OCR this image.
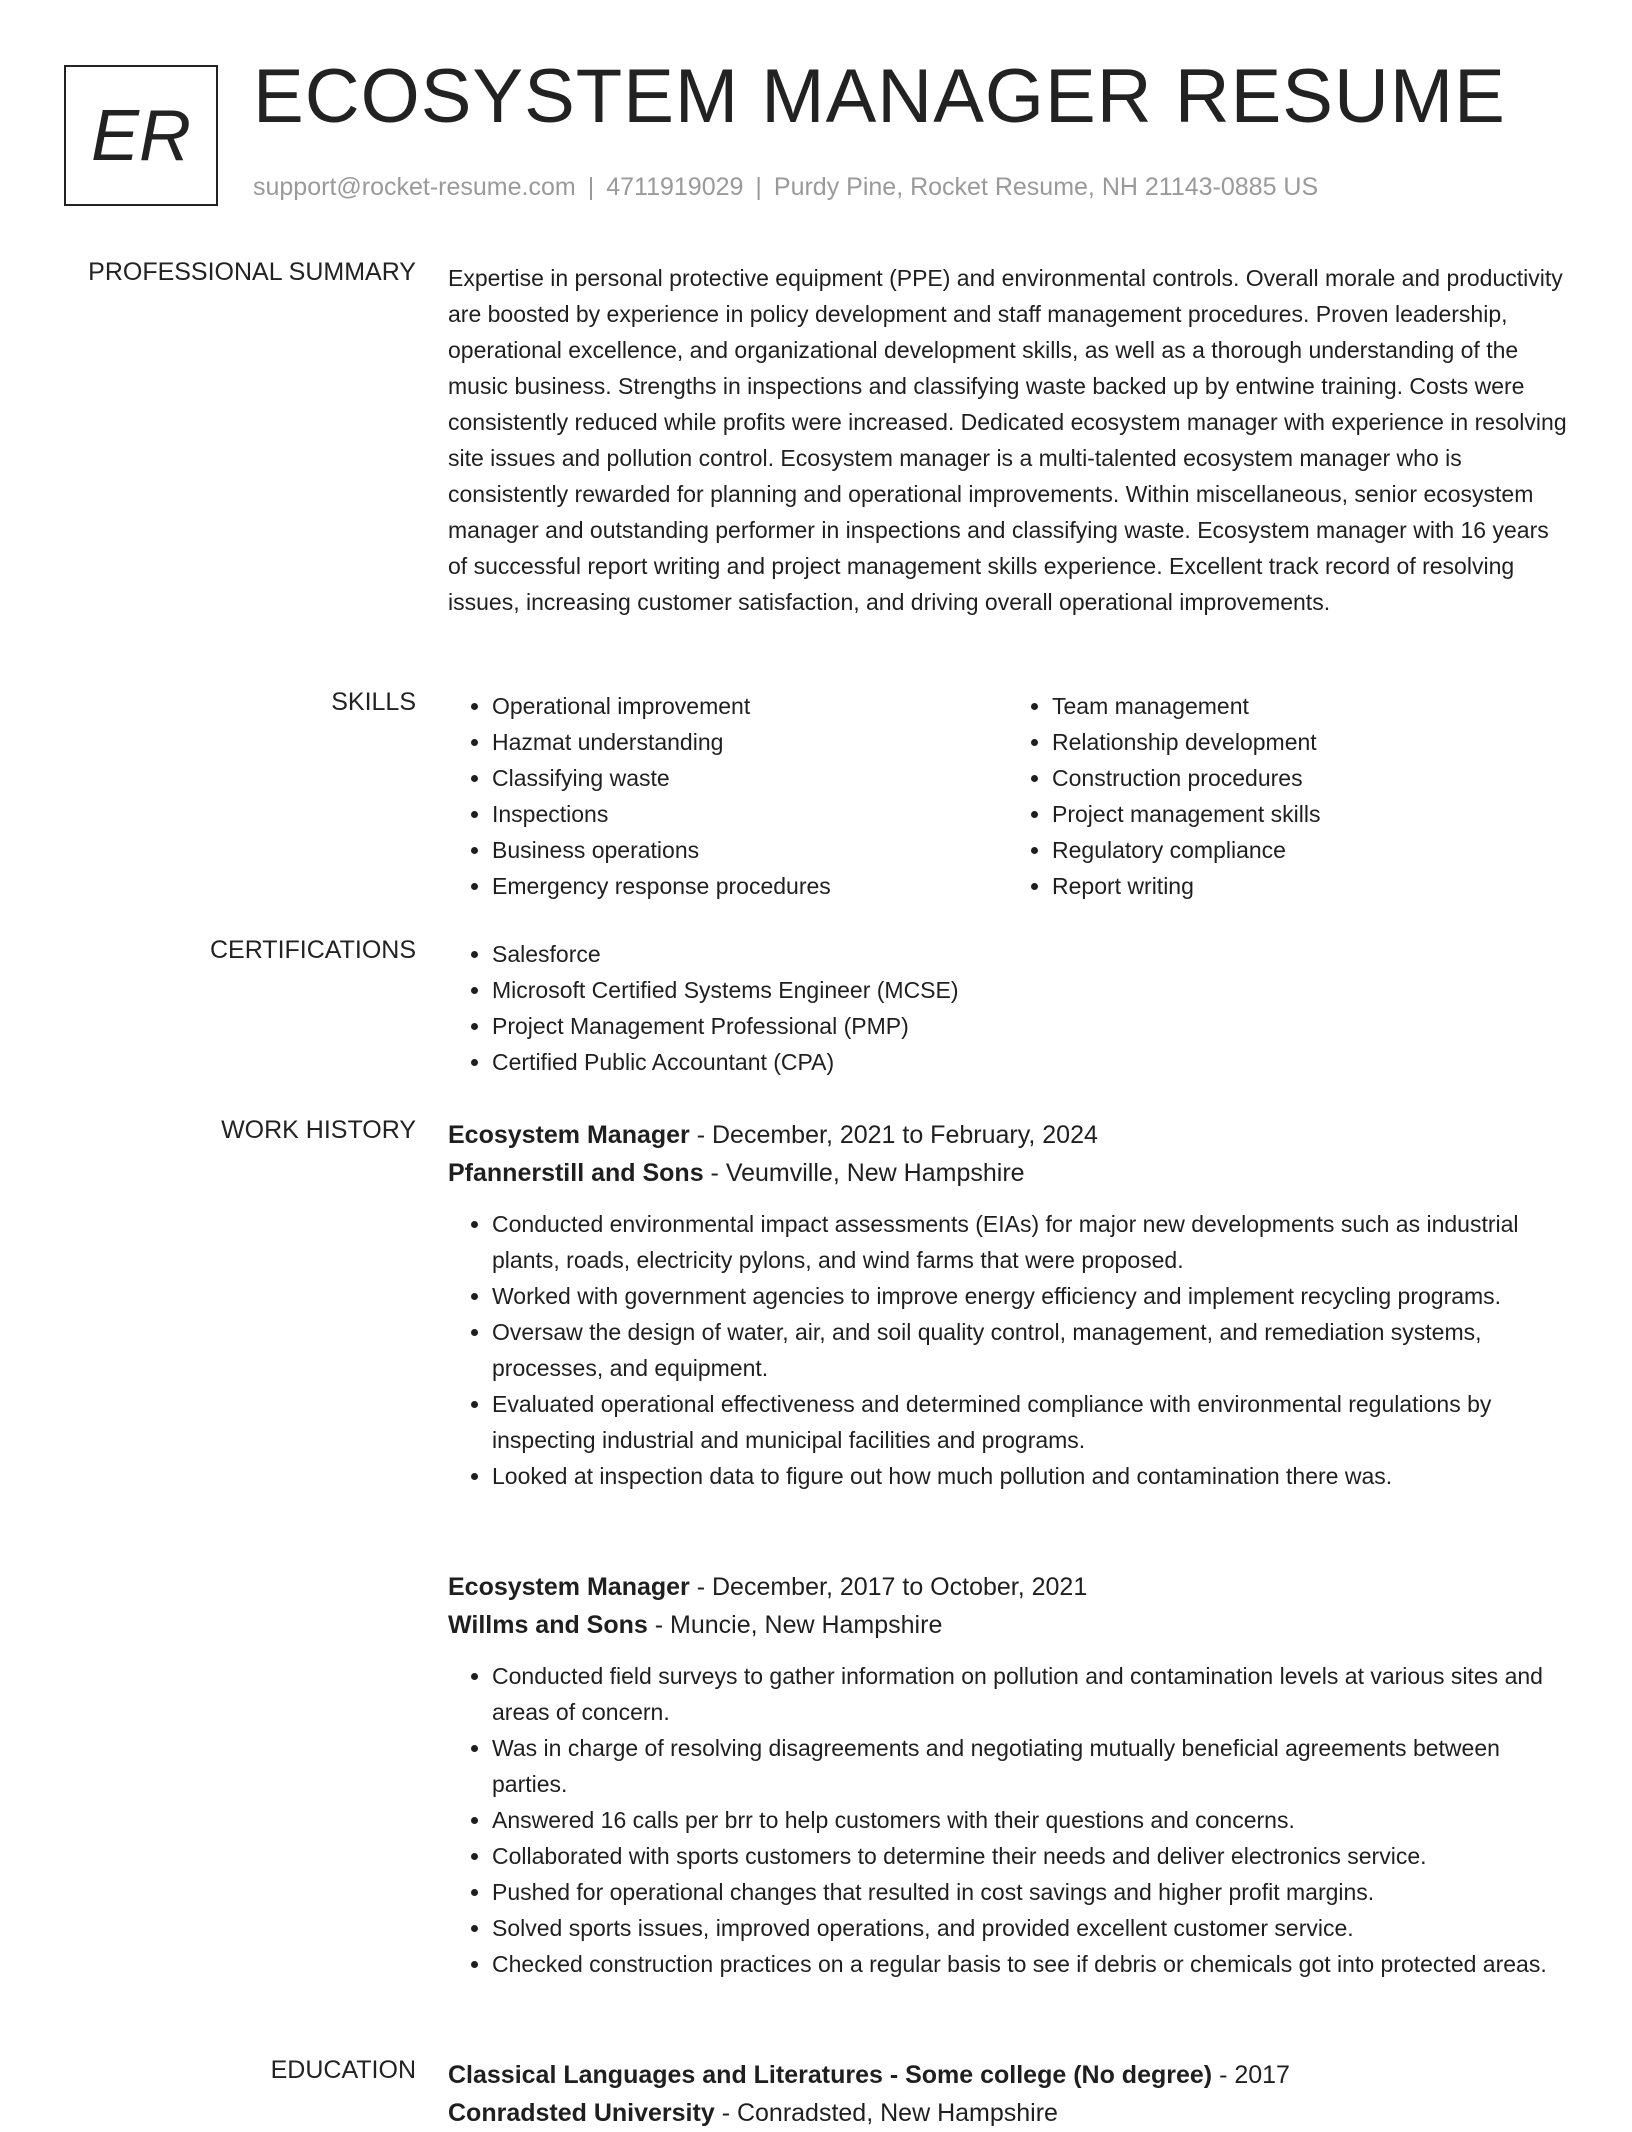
ER ECOSYSTEM MANAGER RESUME
support@rocket-resume.com | 4711919029 | Purdy Pine, Rocket Resume, NH 21143-0885 US
PROFESSIONAL SUMMARY Expertise in personal protective equipment (PPE) and environmental controls. Overall morale and productivity are boosted by experience in policy development and staff management procedures. Proven leadership, operational excellence, and organizational development skills, as well as a thorough understanding of the music business. Strengths in inspections and classifying waste backed up by entwine training. Costs were consistently reduced while profits were increased. Dedicated ecosystem manager with experience in resolving site issues and pollution control. Ecosystem manager is a multi-talented ecosystem manager who is consistently rewarded for planning and operational improvements. Within miscellaneous, senior ecosystem manager and outstanding performer in inspections and classifying waste. Ecosystem manager with 16 years of successful report writing and project management skills experience. Excellent track record of resolving issues, increasing customer satisfaction, and driving overall operational improvements.

SKILLS	• Operational improvement
• Hazmat understanding
• Classifying waste
• Inspections
• Business operations
• Emergency response procedures
• Team management
• Relationship development
• Construction procedures
• Project management skills
• Regulatory compliance
• Report writing
CERTIFICATIONS	• Salesforce
• Microsoft Certified Systems Engineer (MCSE)
• Project Management Professional (PMP)
• Certified Public Accountant (CPA)
WORK HISTORY Ecosystem Manager - December, 2021 to February, 2024
Pfannerstill and Sons - Veumville, New Hampshire
• Conducted environmental impact assessments (EIAs) for major new developments such as industrial plants, roads, electricity pylons, and wind farms that were proposed.
• Worked with government agencies to improve energy efficiency and implement recycling programs.
• Oversaw the design of water, air, and soil quality control, management, and remediation systems, processes, and equipment.
• Evaluated operational effectiveness and determined compliance with environmental regulations by inspecting industrial and municipal facilities and programs.
• Looked at inspection data to figure out how much pollution and contamination there was.
Ecosystem Manager - December, 2017 to October, 2021
Willms and Sons - Muncie, New Hampshire
• Conducted field surveys to gather information on pollution and contamination levels at various sites and areas of concern.
• Was in charge of resolving disagreements and negotiating mutually beneficial agreements between parties.
• Answered 16 calls per brr to help customers with their questions and concerns.
• Collaborated with sports customers to determine their needs and deliver electronics service.
• Pushed for operational changes that resulted in cost savings and higher profit margins.
• Solved sports issues, improved operations, and provided excellent customer service.
• Checked construction practices on a regular basis to see if debris or chemicals got into protected areas.
EDUCATION Classical Languages and Literatures - Some college (No degree) - 2017
Conradsted University - Conradsted, New Hampshire
